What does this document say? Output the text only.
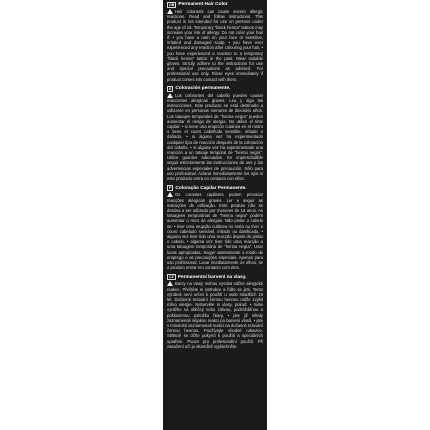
GB Permanent Hair Color
Hair colorants can cause severe allergic reactions. Read and follow instructions. This product is not intended for use on persons under the age of 16. Temporary "black henna" tattoos may increase your risk of allergy. Do not color your hair if: • you have a rash on your face or sensitive, irritated and damaged scalp, • you have ever experienced any reaction after colouring your hair, • you have experienced a reaction to a temporary "black henna" tattoo in the past. Wear suitable gloves. Strictly adhere to the instructions for use and special precautions as advised. For professional use only. Rinse eyes immediately if product comes into contact with them.
E Coloración permanente.
Los colorantes del cabello pueden causar reacciones alérgicas graves. Lea y siga las instrucciones. Este producto no está destinado a utilizarse en personas menores de dieciséis años. Los tatuajes temporales de "henna negra" pueden aumentar el riesgo de alergia. No utilice el tinte capilar: • si tiene una erupción cutánea en el rostro o tiene el cuero cabelludo sensible, irritado o dañado, • si alguna vez ha experimentado cualquier tipo de reacción después de la coloración del cabello, • si alguna vez ha experimentado una reacción a un tatuaje temporal de "henna negra". Utilice guantes adecuados. En imprescindible seguir estrictamente las instrucciones de uso y las advertencias especiales de precaución. Sólo para uso profesional. Aclarar inmediatamente los ojos si este producto entra en contacto con ellos.
P Coloração Capilar Permanente.
Os corantes capilares podem provocar reacções alérgicas graves. Ler e seguir as instruções de utilização. Este produto não se destina a ser utilizado por menores de 16 anos. As tatuagens temporárias de "henna negra" podem aumentar o risco de alergias. Não pintar o cabelo se: • tiver uma erupção cutânea no rosto ou tiver o couro cabeludo sensível, irritado ou danificado, • alguma vez tiver tido uma reacção depois de pintar o cabelo, • alguma vez tiver tido uma reacção a uma tatuagem temporária de "henna negra". Usar luvas apropriadas. Seguir atentamente o modo de emprego e as precauções especiais. Apenas para uso profissional. Lavar imediatamente os olhos, se o produto entrar em contacto com eles.
CZ Permanentní barvení na vlasy.
Barvy na vlasy mohou vyvolat vážné alergické reakce. Přečtěte si instrukce a řiďte se jimi. Tento výrobek není určen k použití u osob mladších 16 let. Dočasné tetování černou hennou může zvýšit riziko alergie. Nebarvěte si vlasy, pokud: • máte vyrážku na obličeji nebo citlivou, podrážděnou a poškozenou pokožku hlavy, • jste již někdy zaznamenali nějakou reakci po barvení vlasů, • jste v minulosti zaznamenali reakci na dočasné tetování černou hennou. Používejte vhodné rukavice. Striktně se držte pokynů k použití a speciálních opatření. Pouze pro profesionální použití. Při zasažení očí je okamžitě vypláchněte.
